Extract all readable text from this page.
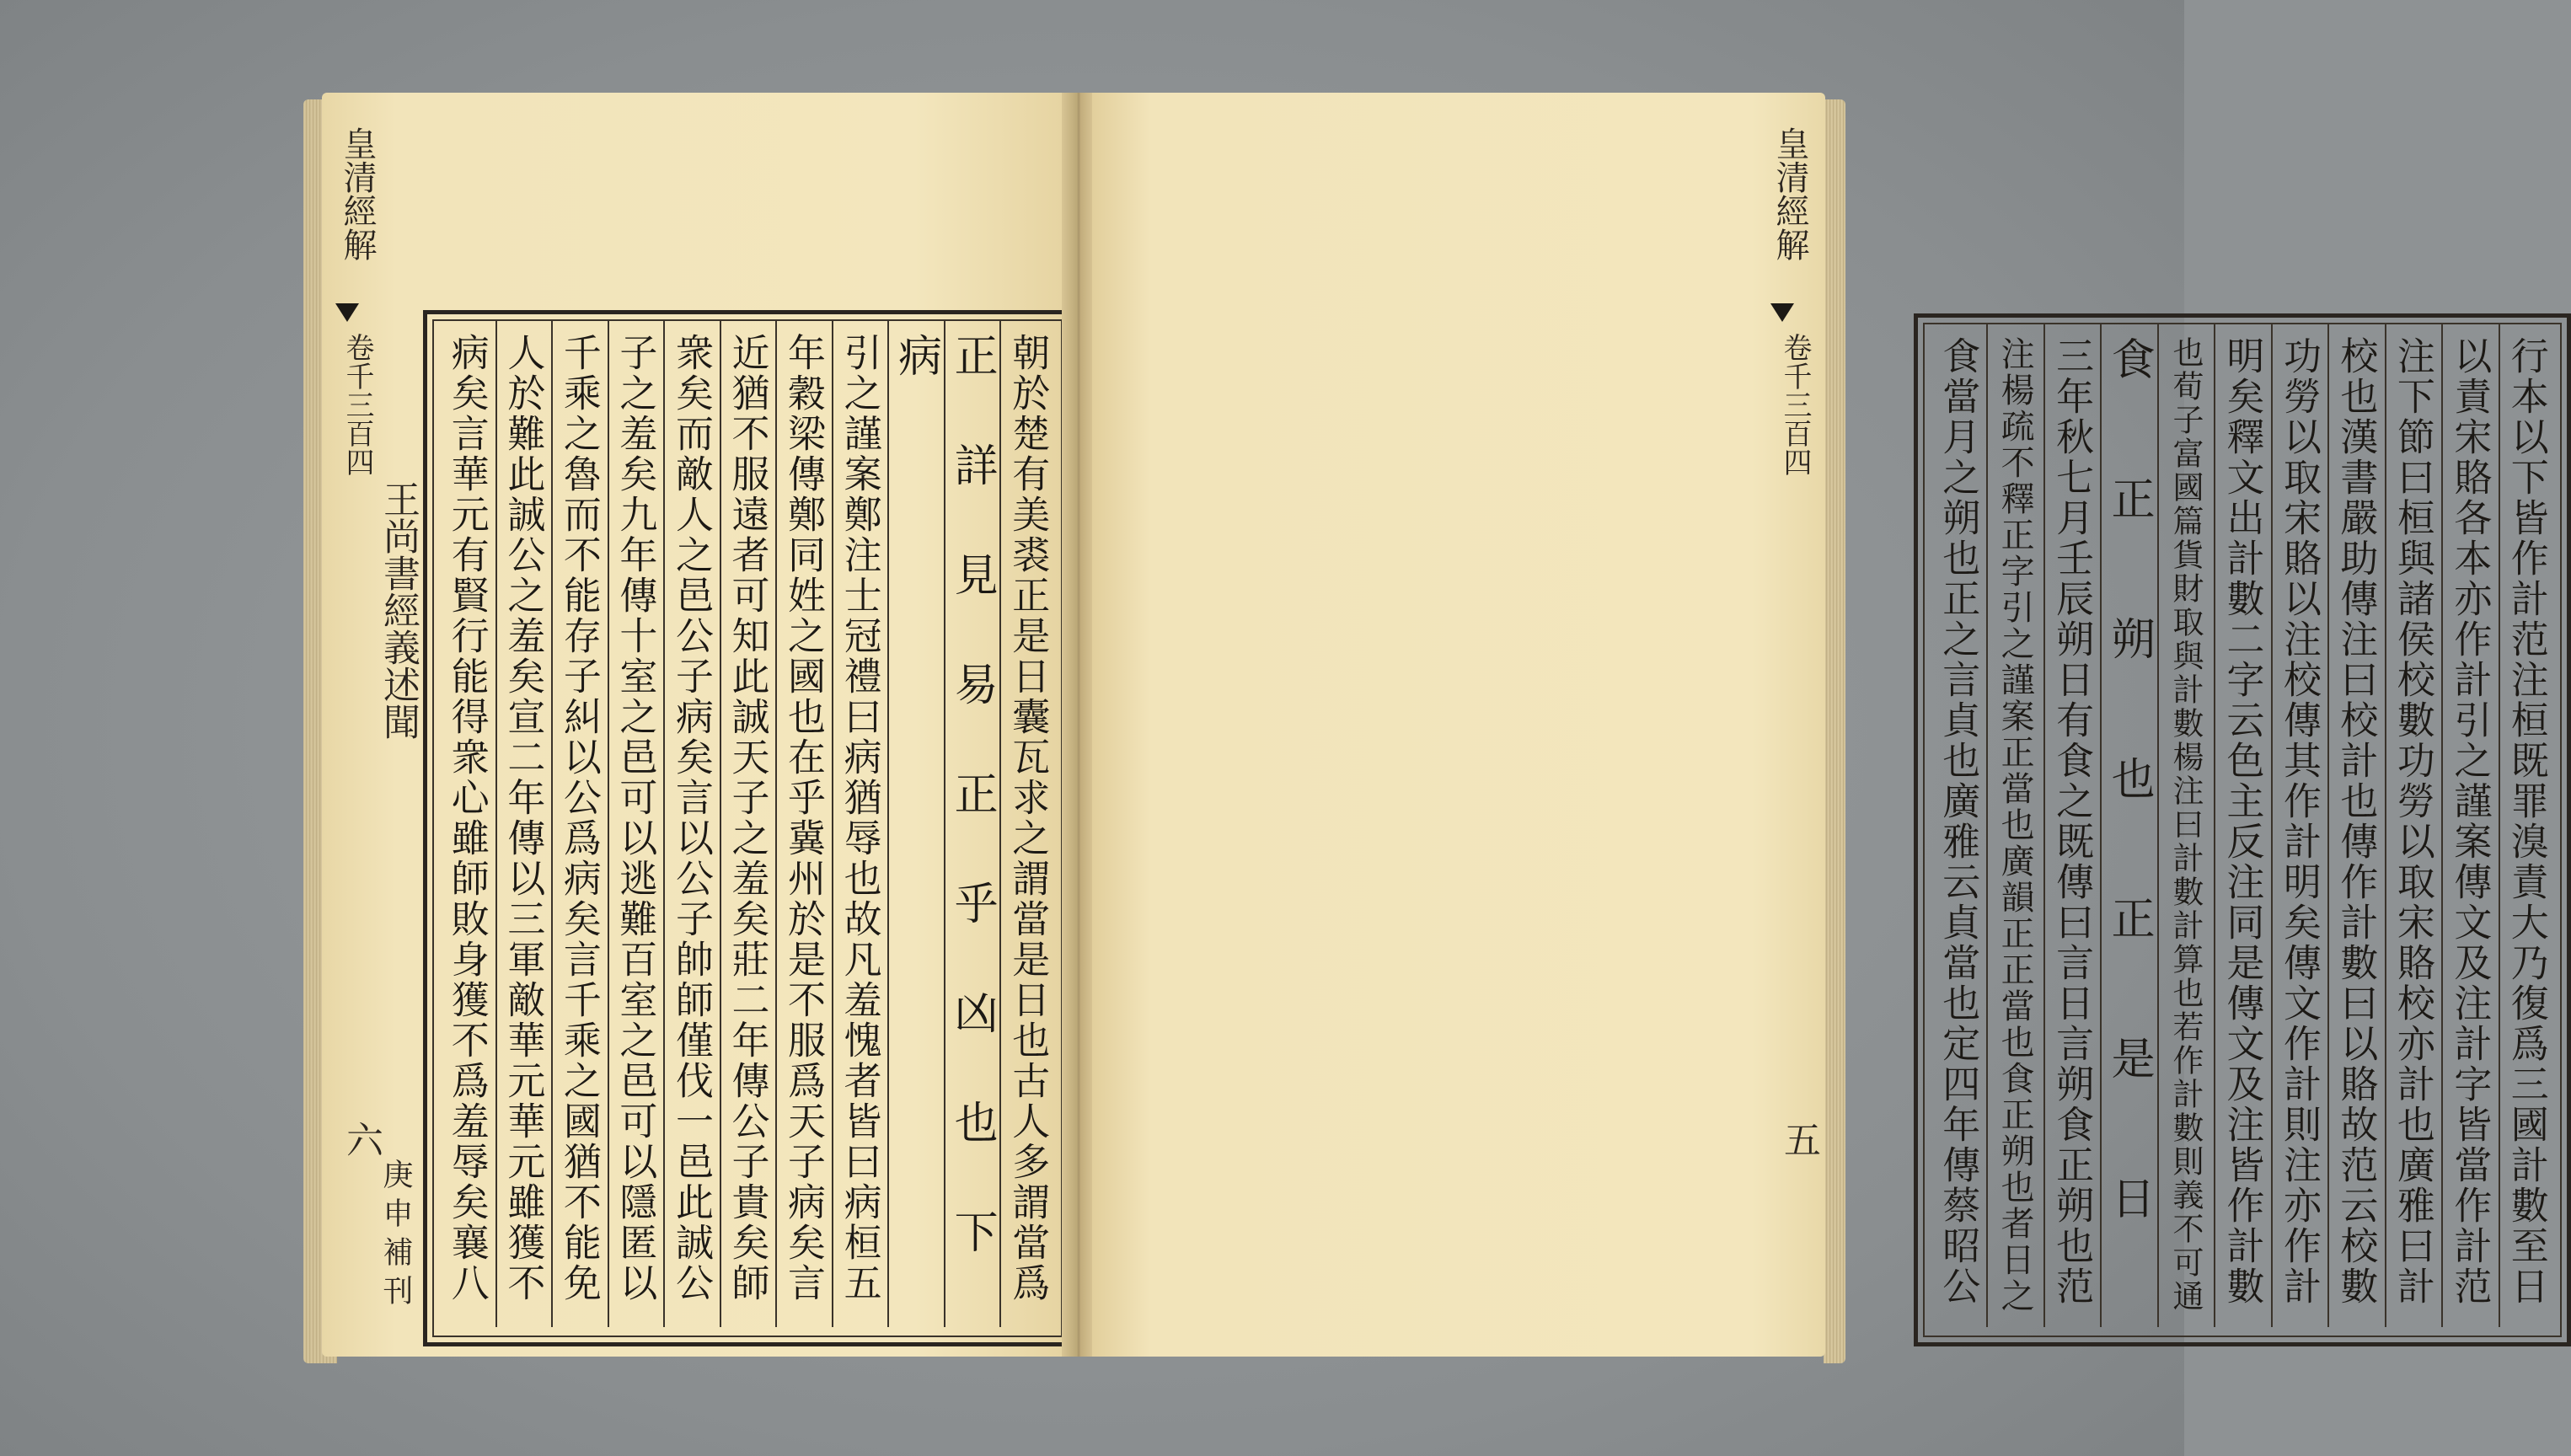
朝於楚有美裘正是日囊瓦求之謂當是日也古人多謂當爲
正詳見易正乎凶也下
病
引之謹案鄭注士冠禮曰病猶辱也故凡羞愧者皆曰病桓五
年穀梁傳鄭同姓之國也在乎冀州於是不服爲天子病矣言
近猶不服遠者可知此誠天子之羞矣莊二年傳公子貴矣師
衆矣而敵人之邑公子病矣言以公子帥師僅伐一邑此誠公
子之羞矣九年傳十室之邑可以逃難百室之邑可以隱匿以
千乘之魯而不能存子糾以公爲病矣言千乘之國猶不能免
人於難此誠公之羞矣宣二年傳以三軍敵華元華元雖獲不
病矣言華元有賢行能得衆心雖師敗身獲不爲羞辱矣襄八
皇清經解
卷千三百四
王尚書經義述聞
六
庚申補刊	行本以下皆作計范注桓既罪溴責大乃復爲三國計數至日
以責宋賂各本亦作計引之謹案傳文及注計字皆當作計范
注下節曰桓與諸侯校數功勞以取宋賂校亦計也廣雅曰計
校也漢書嚴助傳注曰校計也傳作計數曰以賂故范云校數
功勞以取宋賂以注校傳其作計明矣傳文作計則注亦作計
明矣釋文出計數二字云色主反注同是傳文及注皆作計數
也荀子富國篇貨財取與計數楊注曰計數計算也若作計數則義不可通
食正朔也正是日
三年秋七月壬辰朔日有食之既傳曰言日言朔食正朔也范
注楊疏不釋正字引之謹案正當也廣韻正正當也食正朔也者日之
食當月之朔也正之言貞也廣雅云貞當也定四年傳蔡昭公
皇清經解
卷千三百四
五
